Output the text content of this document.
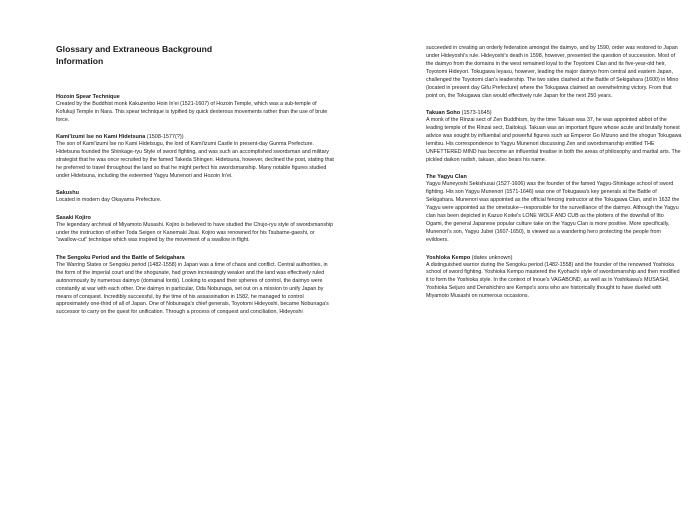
Glossary and Extraneous Background
Information

Hozoin Spear Technique

Created by the Buddhist monk Kakuzenbo Hoin In'ei (1521-1607) of Hozoin Temple, which was a sub-temple of Kofukuji Temple in Nara. This spear technique is typified by quick dexterous movements rather than the use of brute force.

Kami'izumi Ise no Kami Hidetsuna (1508-1577(?))

The son of Kami'izumi Ise no Kami Hidetsugu, the lord of Kami'izumi Castle in present-day Gunma Prefecture. Hidetsuna founded the Shinkage-ryu Style of sword fighting, and was such an accomplished swordsman and military strategist that he was once recruited by the famed Takeda Shingen. Hidetsuna, however, declined the post, stating that he preferred to travel throughout the land so that he might perfect his swordsmanship. Many notable figures studied under Hidetsuna, including the esteemed Yagyu Munenori and Hozoin In'ei.

Sakushu

Located in modern day Okayama Prefecture.

Sasaki Kojiro

The legendary archrival of Miyamoto Musashi. Kojiro is believed to have studied the Chujo-ryu style of swordsmanship under the instruction of either Toda Seigen or Kanemaki Jisai. Kojiro was renowned for his Tsubame-gaeshi, or "swallow-cut" technique which was inspired by the movement of a swallow in flight.

The Sengoku Period and the Battle of Sekigahara

The Warring States or Sengoku period (1482-1558) in Japan was a time of chaos and conflict. Central authorities, in the form of the imperial court and the shogunate, had grown increasingly weaker and the land was effectively ruled autonomously by numerous daimyo (domainal lords). Looking to expand their spheres of control, the daimyo were constantly at war with each other. One daimyo in particular, Oda Nobunaga, set out on a mission to unify Japan by means of conquest. Incredibly successful, by the time of his assassination in 1582, he managed to control approximately one-third of all of Japan. One of Nobunaga's chief generals, Toyotomi Hideyoshi, became Nobunaga's successor to carry on the quest for unification. Through a process of conquest and conciliation, Hideyoshi

succeeded in creating an orderly federation amongst the daimyo, and by 1590, order was restored to Japan under Hideyoshi's rule. Hideyoshi's death in 1598, however, presented the question of succession. Most of the daimyo from the domains in the west remained loyal to the Toyotomi Clan and its five-year-old heir, Toyotomi Hideyori. Tokugawa Ieyasu, however, leading the major daimyo from central and eastern Japan, challenged the Toyotomi clan's leadership. The two sides clashed at the Battle of Sekigahara (1600) in Mino (located in present day Gifu Prefecture) where the Tokugawa claimed an overwhelming victory. From that point on, the Tokugawa clan would effectively rule Japan for the next 250 years.

Takuan Soho (1573-1645)

A monk of the Rinzai sect of Zen Buddhism, by the time Takuan was 37, he was appointed abbot of the leading temple of the Rinzai sect, Daitokuji. Takuan was an important figure whose acute and brutally honest advice was sought by influential and powerful figures such as Emperor Go Mizuno and the shogun Tokugawa Iemitsu. His correspondence to Yagyu Munenori discussing Zen and swordsmanship entitled THE UNFETTERED MIND has become an influential treatise in both the areas of philosophy and martial arts. The pickled daikon radish, takuan, also bears his name.

The Yagyu Clan

Yagyu Muneyoshi Sekishusai (1527-1606) was the founder of the famed Yagyu-Shinkage school of sword fighting. His son Yagyu Munenori (1571-1646) was one of Tokugawa's key generals at the Battle of Sekigahara. Munenori was appointed as the official fencing instructor at the Tokugawa Clan, and in 1632 the Yagyu were appointed as the ometsuke—responsible for the surveillance of the daimyo. Although the Yagyu clan has been depicted in Kazuo Koike's LONE WOLF AND CUB as the plotters of the downfall of Itto Ogami, the general Japanese popular culture take on the Yagyu Clan is more positive. More specifically, Munenori's son, Yagyu Jubei (1607-1650), is viewed as a wandering hero protecting the people from evildoers.

Yoshioka Kempo (dates unknown)

A distinguished warrior during the Sengoku period (1482-1558) and the founder of the renowned Yoshioka school of sword fighting. Yoshioka Kempo mastered the Kyohachi style of swordsmanship and then modified it to form the Yoshioka style. In the context of Inoue's VAGABOND, as well as in Yoshikawa's MUSASHI, Yoshioka Seijuro and Denshichiro are Kempo's sons who are historically thought to have dueled with Miyamoto Musashi on numerous occasions.
